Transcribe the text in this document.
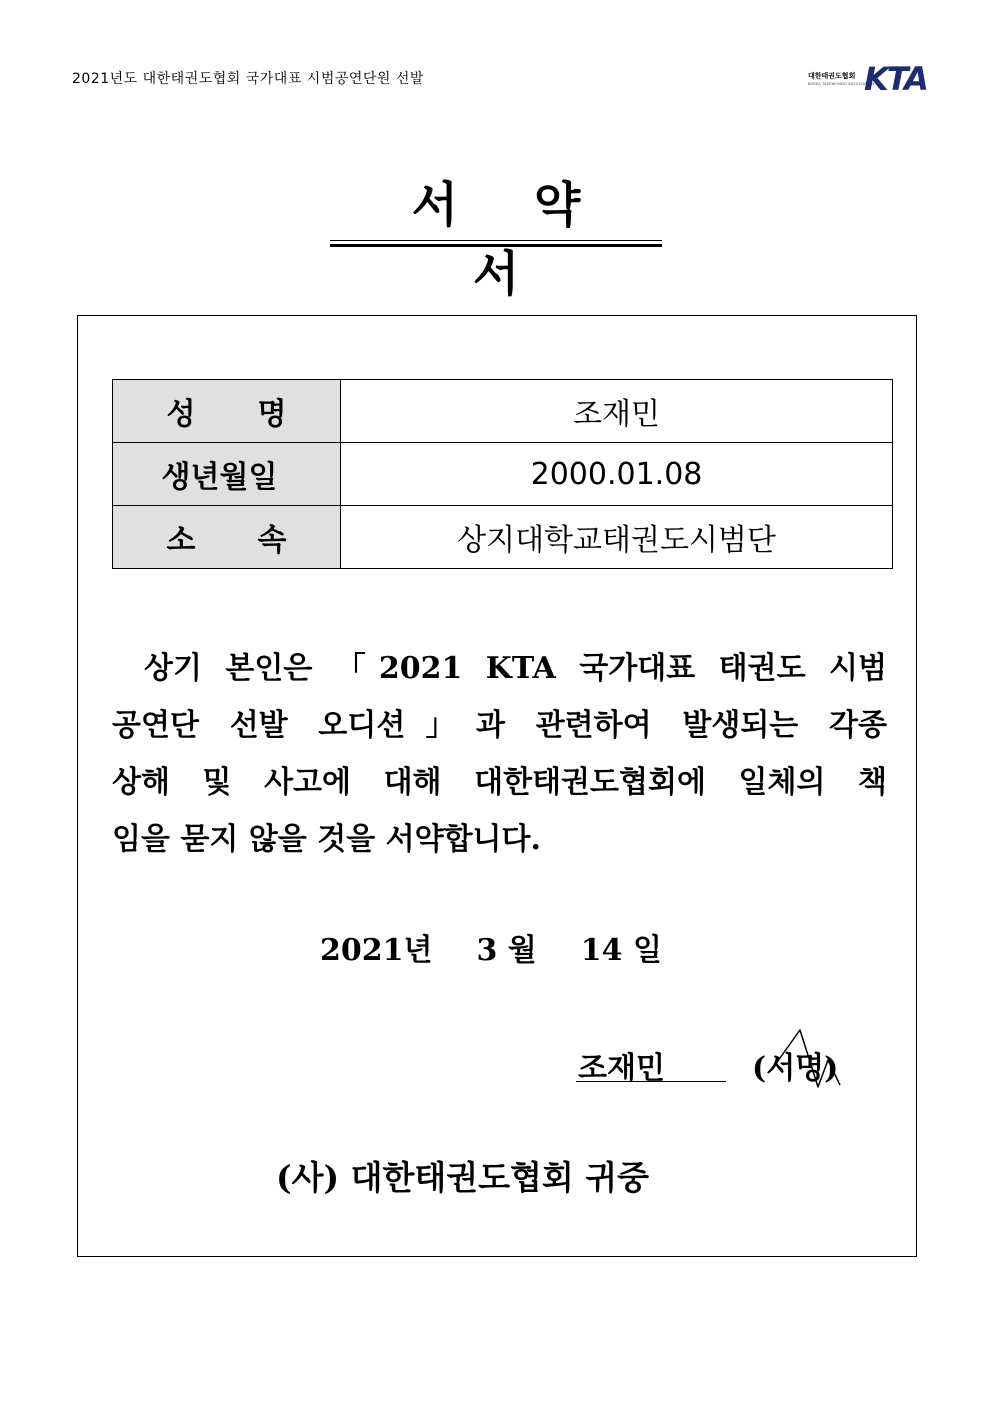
2021년도 대한태권도협회 국가대표 시범공연단원 선발	대한태권도협회
KOREA TAEKWONDO ASSOCIATION
KTA
서 약서
성 명	조재민
생년월일	2000.01.08
소 속	상지대학교태권도시범단

상기 본인은 「2021 KTA 국가대표 태권도 시범

공연단 선발 오디션」과 관련하여 발생되는 각종

상해 및 사고에 대해 대한태권도협회에 일체의 책

임을 묻지 않을 것을 서약합니다.

2021년 3 월 14 일
조재민	(서명)
(사) 대한태권도협회 귀중
